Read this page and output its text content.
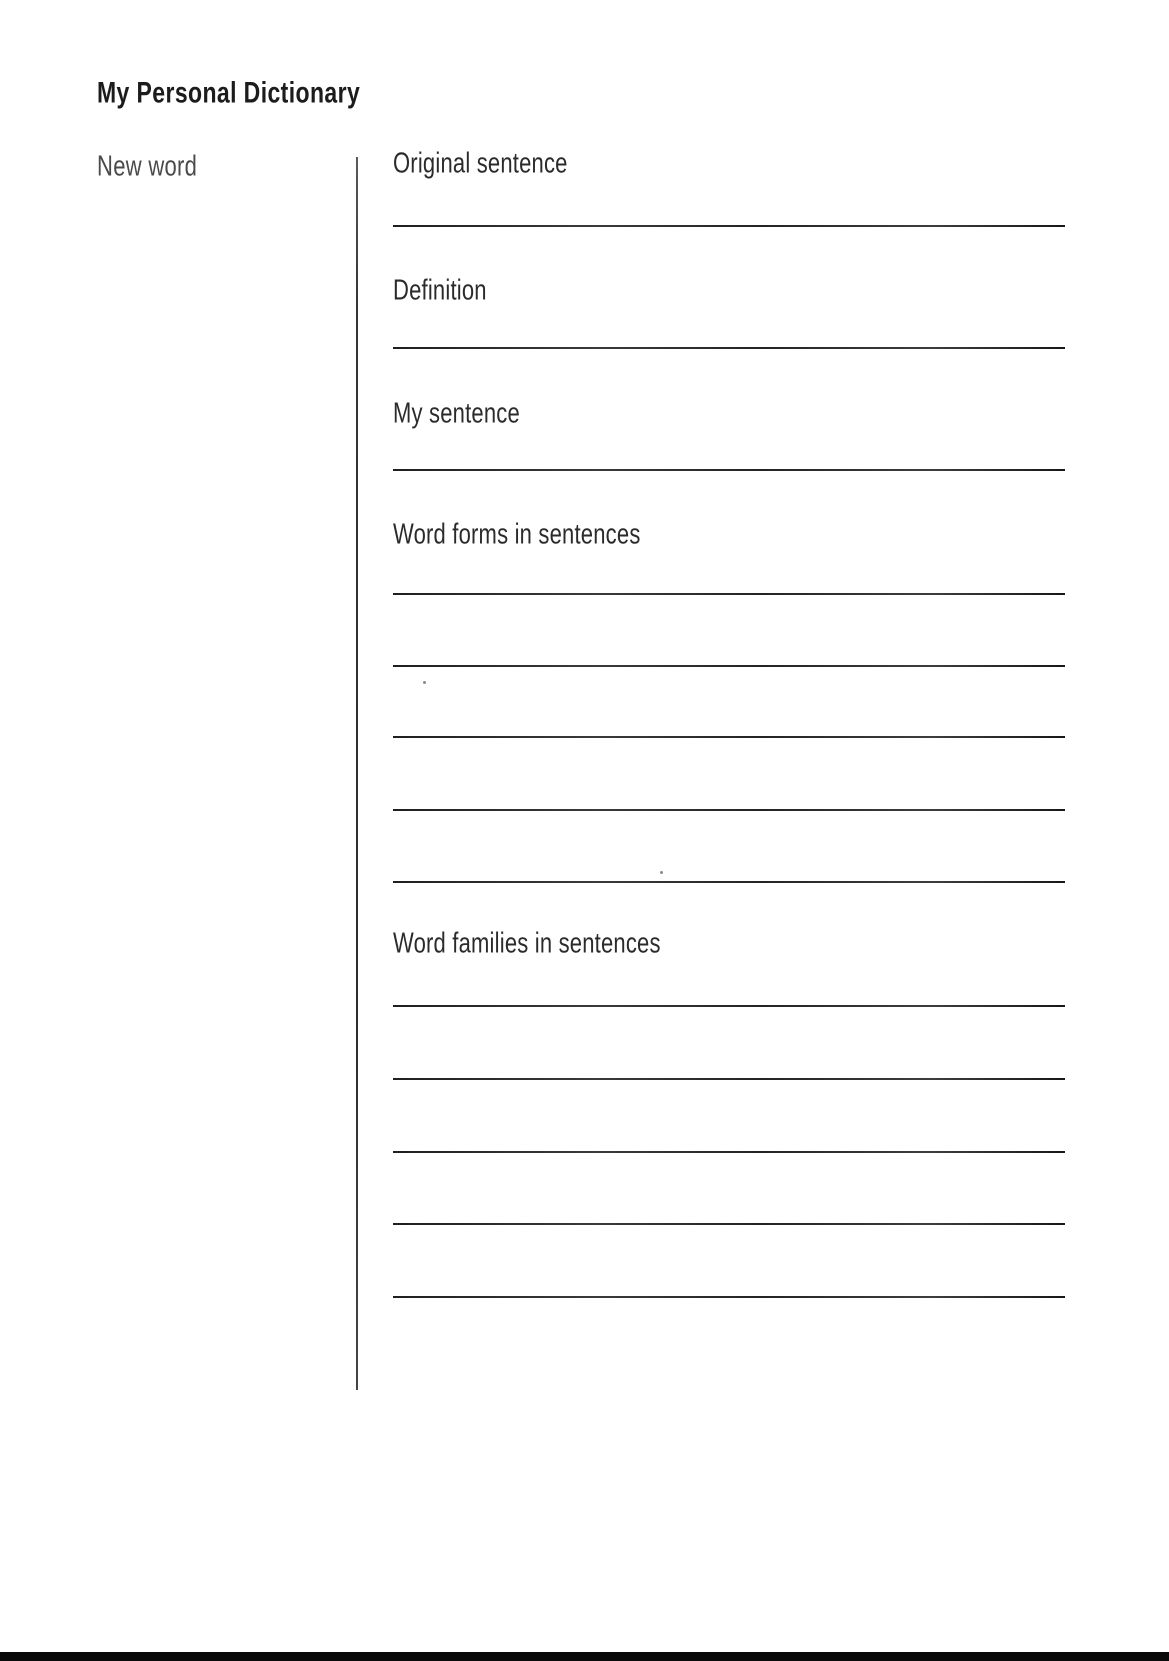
My Personal Dictionary
New word	Original sentence
Definition
My sentence
Word forms in sentences
Word families in sentences
